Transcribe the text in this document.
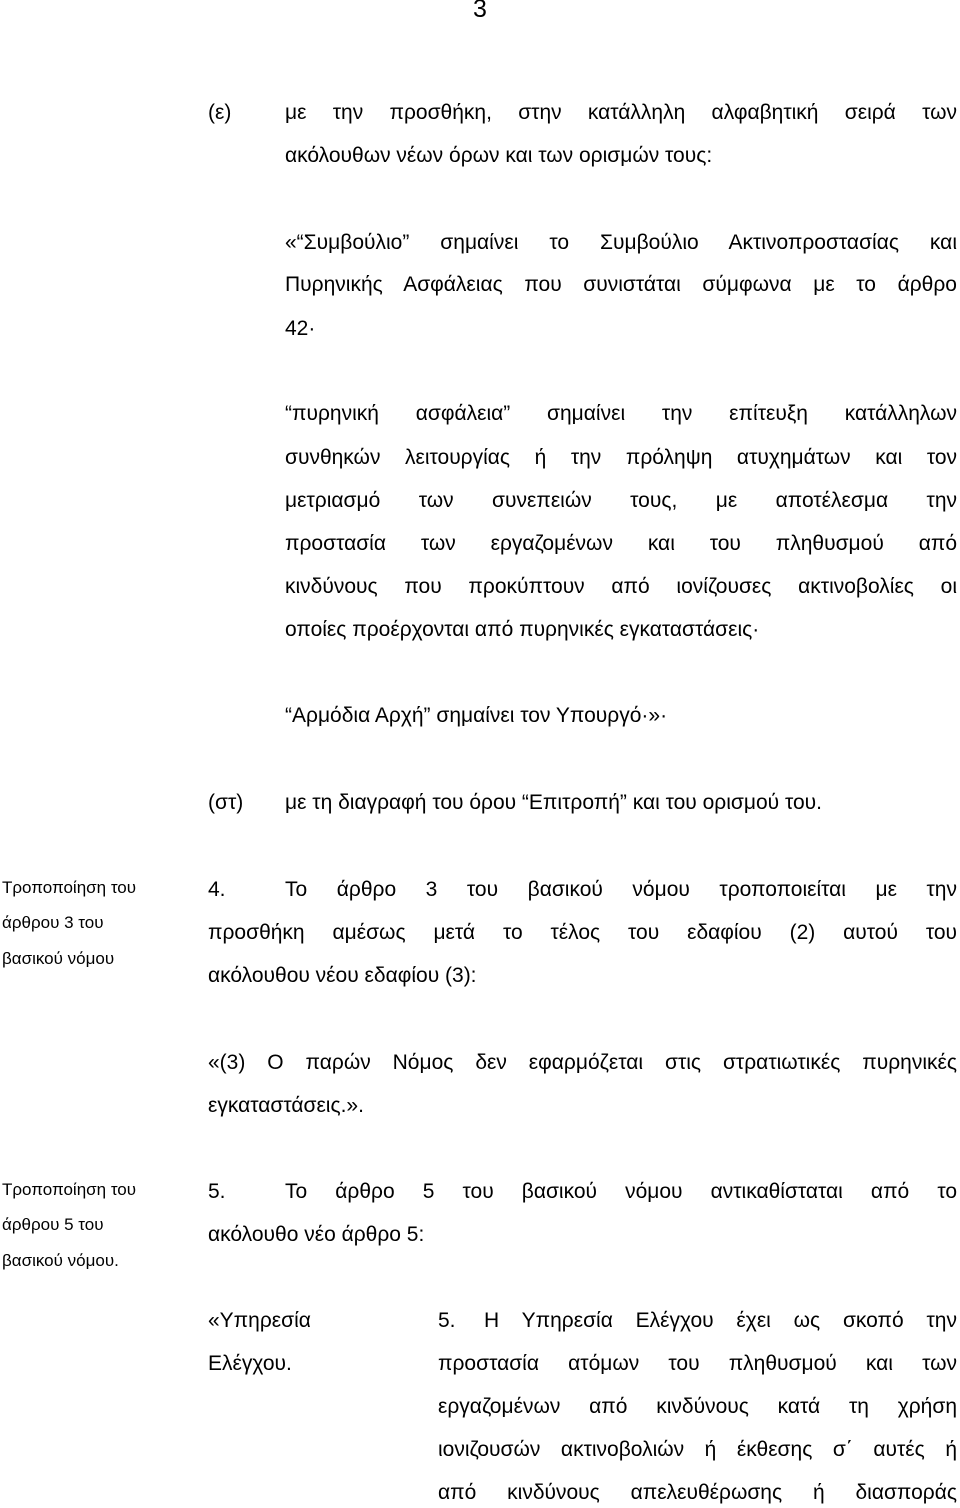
3
(ε)	με την προσθήκη, στην κατάλληλη αλφαβητική σειρά των
ακόλουθων νέων όρων και των ορισμών τους:
«“Συμβούλιο” σημαίνει το Συμβούλιο Ακτινοπροστασίας και
Πυρηνικής Ασφάλειας που συνιστάται σύμφωνα με το άρθρο
42·
“πυρηνική ασφάλεια” σημαίνει την επίτευξη κατάλληλων
συνθηκών λειτουργίας ή την πρόληψη ατυχημάτων και τον
μετριασμό των συνεπειών τους, με αποτέλεσμα την
προστασία των εργαζομένων και του πληθυσμού από
κινδύνους που προκύπτουν από ιονίζουσες ακτινοβολίες οι
οποίες προέρχονται από πυρηνικές εγκαταστάσεις·
“Αρμόδια Αρχή” σημαίνει τον Υπουργό·»·
(στ) με τη διαγραφή του όρου “Επιτροπή” και του ορισμού του.
Τροποποίηση του
άρθρου 3 του
βασικού νόμου
4.	Το άρθρο 3 του βασικού νόμου τροποποιείται με την
προσθήκη αμέσως μετά το τέλος του εδαφίου (2) αυτού του
ακόλουθου νέου εδαφίου (3):
«(3) Ο παρών Νόμος δεν εφαρμόζεται στις στρατιωτικές πυρηνικές
εγκαταστάσεις.».
Τροποποίηση του
άρθρου 5 του
βασικού νόμου.
5.	Το άρθρο 5 του βασικού νόμου αντικαθίσταται από το
ακόλουθο νέο άρθρο 5:
«Υπηρεσία
Ελέγχου.
5. Η Υπηρεσία Ελέγχου έχει ως σκοπό την
προστασία ατόμων του πληθυσμού και των
εργαζομένων από κινδύνους κατά τη χρήση
ιονιζουσών ακτινοβολιών ή έκθεσης σ΄ αυτές ή
από κινδύνους απελευθέρωσης ή διασποράς
